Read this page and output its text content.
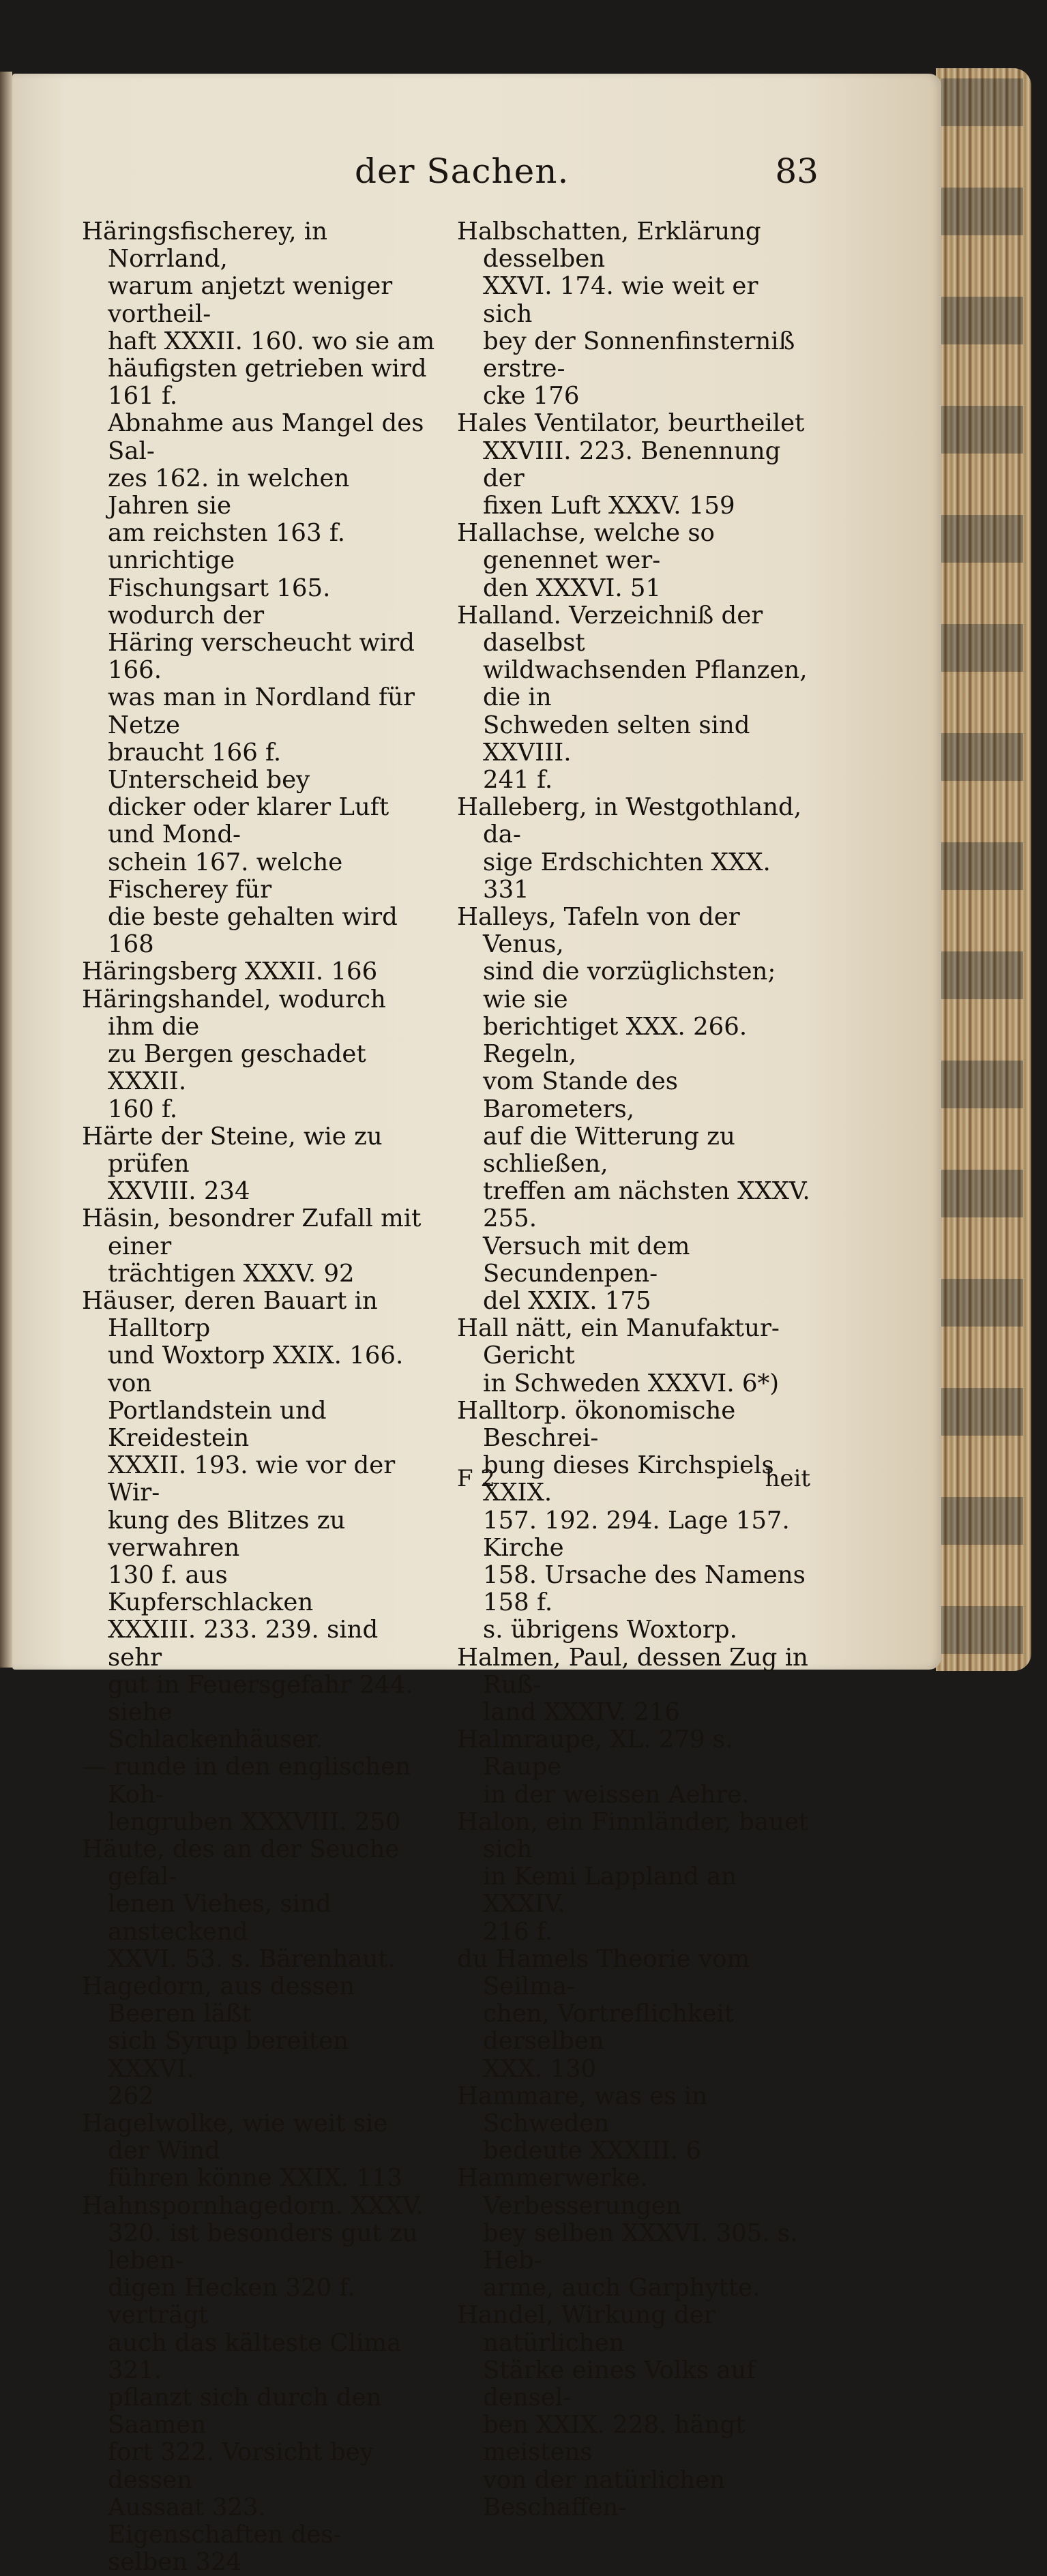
der Sachen.	83
Häringsfischerey, in Norrland,
warum anjetzt weniger vortheil-
haft XXXII. 160. wo sie am
häufigsten getrieben wird 161 f.
Abnahme aus Mangel des Sal-
zes 162. in welchen Jahren sie
am reichsten 163 f. unrichtige
Fischungsart 165. wodurch der
Häring verscheucht wird 166.
was man in Nordland für Netze
braucht 166 f. Unterscheid bey
dicker oder klarer Luft und Mond-
schein 167. welche Fischerey für
die beste gehalten wird 168
Häringsberg XXXII. 166
Häringshandel, wodurch ihm die
zu Bergen geschadet XXXII.
160 f.
Härte der Steine, wie zu prüfen
XXVIII. 234
Häsin, besondrer Zufall mit einer
trächtigen XXXV. 92
Häuser, deren Bauart in Halltorp
und Woxtorp XXIX. 166. von
Portlandstein und Kreidestein
XXXII. 193. wie vor der Wir-
kung des Blitzes zu verwahren
130 f. aus Kupferschlacken
XXXIII. 233. 239. sind sehr
gut in Feuersgefahr 244. siehe
Schlackenhäuser.
— runde in den englischen Koh-
lengruben XXXVIII. 250
Häute, des an der Seuche gefal-
lenen Viehes, sind ansteckend
XXVI. 53. s. Bärenhaut.
Hagedorn, aus dessen Beeren läßt
sich Syrup bereiten XXXVI.
262
Hagelwolke, wie weit sie der Wind
führen könne XXIX. 113
Hahnspornhagedorn. XXXV.
320. ist besonders gut zu leben-
digen Hecken 320 f. verträgt
auch das kälteste Clima 321.
pflanzt sich durch den Saamen
fort 322. Vorsicht bey dessen
Aussaat 323. Eigenschaften des-
selben 324
Halbschatten, Erklärung desselben
XXVI. 174. wie weit er sich
bey der Sonnenfinsterniß erstre-
cke 176
Hales Ventilator, beurtheilet
XXVIII. 223. Benennung der
fixen Luft XXXV. 159
Hallachse, welche so genennet wer-
den XXXVI. 51
Halland. Verzeichniß der daselbst
wildwachsenden Pflanzen, die in
Schweden selten sind XXVIII.
241 f.
Halleberg, in Westgothland, da-
sige Erdschichten XXX. 331
Halleys, Tafeln von der Venus,
sind die vorzüglichsten; wie sie
berichtiget XXX. 266. Regeln,
vom Stande des Barometers,
auf die Witterung zu schließen,
treffen am nächsten XXXV. 255.
Versuch mit dem Secundenpen-
del XXIX. 175
Hall nätt, ein Manufaktur-Gericht
in Schweden XXXVI. 6*)
Halltorp. ökonomische Beschrei-
bung dieses Kirchspiels XXIX.
157. 192. 294. Lage 157. Kirche
158. Ursache des Namens 158 f.
s. übrigens Woxtorp.
Halmen, Paul, dessen Zug in Ruß-
land XXXIV. 216
Halmraupe, XL. 279 s. Raupe
in der weissen Aehre.
Halon, ein Finnländer, bauet sich
in Kemi Lappland an XXXIV.
216 f.
du Hamels Theorie vom Seilma-
chen, Vortreflichkeit derselben
XXX. 130
Hammare, was es in Schweden
bedeute XXXIII. 6
Hammerwerke. Verbesserungen
bey selben XXXVI. 305. s. Heb-
arme, auch Garphytte.
Handel, Wirkung der natürlichen
Stärke eines Volks auf densel-
ben XXIX. 228. hängt meistens
von der natürlichen Beschaffen-
F 2	heit
